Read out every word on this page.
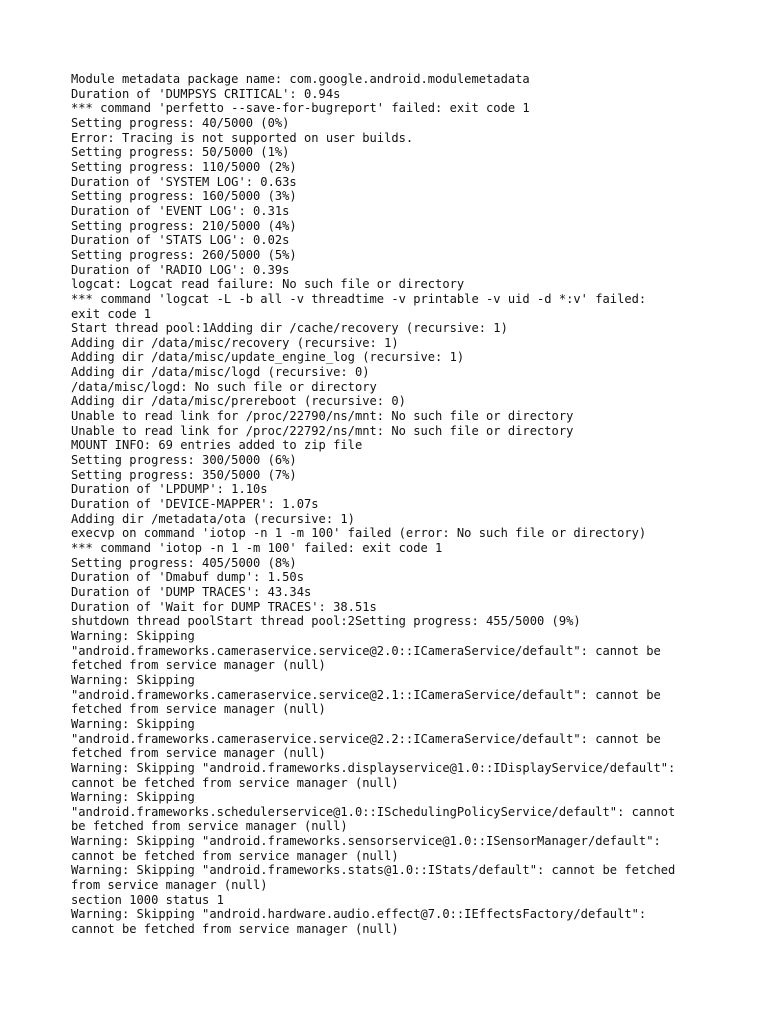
Module metadata package name: com.google.android.modulemetadata
Duration of 'DUMPSYS CRITICAL': 0.94s
*** command 'perfetto --save-for-bugreport' failed: exit code 1
Setting progress: 40/5000 (0%)
Error: Tracing is not supported on user builds.
Setting progress: 50/5000 (1%)
Setting progress: 110/5000 (2%)
Duration of 'SYSTEM LOG': 0.63s
Setting progress: 160/5000 (3%)
Duration of 'EVENT LOG': 0.31s
Setting progress: 210/5000 (4%)
Duration of 'STATS LOG': 0.02s
Setting progress: 260/5000 (5%)
Duration of 'RADIO LOG': 0.39s
logcat: Logcat read failure: No such file or directory
*** command 'logcat -L -b all -v threadtime -v printable -v uid -d *:v' failed:
exit code 1
Start thread pool:1Adding dir /cache/recovery (recursive: 1)
Adding dir /data/misc/recovery (recursive: 1)
Adding dir /data/misc/update_engine_log (recursive: 1)
Adding dir /data/misc/logd (recursive: 0)
/data/misc/logd: No such file or directory
Adding dir /data/misc/prereboot (recursive: 0)
Unable to read link for /proc/22790/ns/mnt: No such file or directory
Unable to read link for /proc/22792/ns/mnt: No such file or directory
MOUNT INFO: 69 entries added to zip file
Setting progress: 300/5000 (6%)
Setting progress: 350/5000 (7%)
Duration of 'LPDUMP': 1.10s
Duration of 'DEVICE-MAPPER': 1.07s
Adding dir /metadata/ota (recursive: 1)
execvp on command 'iotop -n 1 -m 100' failed (error: No such file or directory)
*** command 'iotop -n 1 -m 100' failed: exit code 1
Setting progress: 405/5000 (8%)
Duration of 'Dmabuf dump': 1.50s
Duration of 'DUMP TRACES': 43.34s
Duration of 'Wait for DUMP TRACES': 38.51s
shutdown thread poolStart thread pool:2Setting progress: 455/5000 (9%)
Warning: Skipping
"android.frameworks.cameraservice.service@2.0::ICameraService/default": cannot be
fetched from service manager (null)
Warning: Skipping
"android.frameworks.cameraservice.service@2.1::ICameraService/default": cannot be
fetched from service manager (null)
Warning: Skipping
"android.frameworks.cameraservice.service@2.2::ICameraService/default": cannot be
fetched from service manager (null)
Warning: Skipping "android.frameworks.displayservice@1.0::IDisplayService/default":
cannot be fetched from service manager (null)
Warning: Skipping
"android.frameworks.schedulerservice@1.0::ISchedulingPolicyService/default": cannot
be fetched from service manager (null)
Warning: Skipping "android.frameworks.sensorservice@1.0::ISensorManager/default":
cannot be fetched from service manager (null)
Warning: Skipping "android.frameworks.stats@1.0::IStats/default": cannot be fetched
from service manager (null)
section 1000 status 1
Warning: Skipping "android.hardware.audio.effect@7.0::IEffectsFactory/default":
cannot be fetched from service manager (null)
